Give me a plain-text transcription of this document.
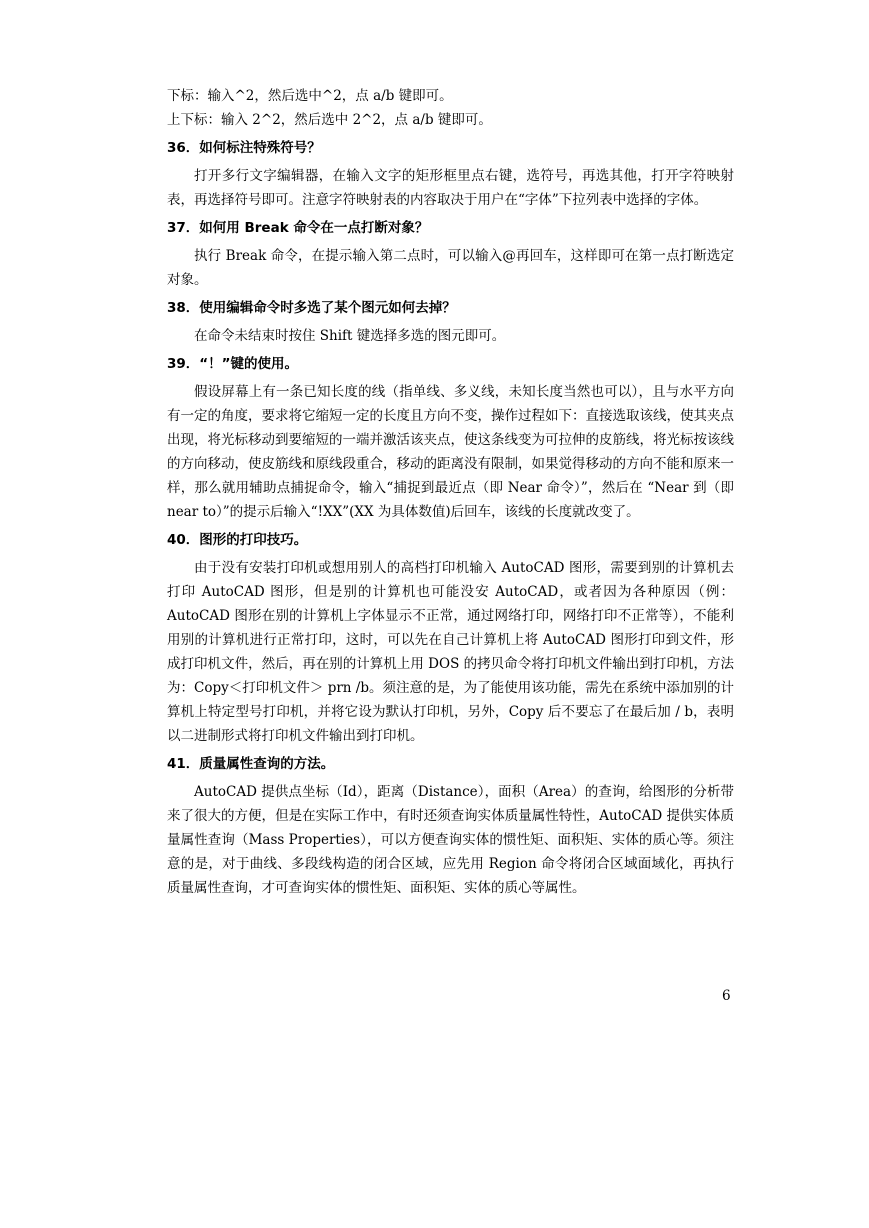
下标：输入^2，然后选中^2，点 a/b 键即可。

上下标：输入 2^2，然后选中 2^2，点 a/b 键即可。

36．如何标注特殊符号？

打开多行文字编辑器，在输入文字的矩形框里点右键，选符号，再选其他，打开字符映射表，再选择符号即可。注意字符映射表的内容取决于用户在“字体”下拉列表中选择的字体。

37．如何用 Break 命令在一点打断对象？

执行 Break 命令，在提示输入第二点时，可以输入@再回车，这样即可在第一点打断选定对象。

38．使用编辑命令时多选了某个图元如何去掉？

在命令未结束时按住 Shift 键选择多选的图元即可。

39．“！”键的使用。

假设屏幕上有一条已知长度的线（指单线、多义线，未知长度当然也可以），且与水平方向有一定的角度，要求将它缩短一定的长度且方向不变，操作过程如下：直接选取该线，使其夹点出现，将光标移动到要缩短的一端并激活该夹点，使这条线变为可拉伸的皮筋线，将光标按该线的方向移动，使皮筋线和原线段重合，移动的距离没有限制，如果觉得移动的方向不能和原来一样，那么就用辅助点捕捉命令，输入“捕捉到最近点（即 Near 命令）”，然后在 “Near 到（即 near to）”的提示后输入“!XX”(XX 为具体数值)后回车，该线的长度就改变了。

40．图形的打印技巧。

由于没有安装打印机或想用别人的高档打印机输入 AutoCAD 图形，需要到别的计算机去打印 AutoCAD 图形，但是别的计算机也可能没安 AutoCAD，或者因为各种原因（例：AutoCAD 图形在别的计算机上字体显示不正常，通过网络打印，网络打印不正常等），不能利用别的计算机进行正常打印，这时，可以先在自己计算机上将 AutoCAD 图形打印到文件，形成打印机文件，然后，再在别的计算机上用 DOS 的拷贝命令将打印机文件输出到打印机，方法为：Copy＜打印机文件＞ prn /b。须注意的是，为了能使用该功能，需先在系统中添加别的计算机上特定型号打印机，并将它设为默认打印机，另外，Copy 后不要忘了在最后加 / b，表明以二进制形式将打印机文件输出到打印机。

41．质量属性查询的方法。

AutoCAD 提供点坐标（Id），距离（Distance），面积（Area）的查询，给图形的分析带来了很大的方便，但是在实际工作中，有时还须查询实体质量属性特性，AutoCAD 提供实体质量属性查询（Mass Properties），可以方便查询实体的惯性矩、面积矩、实体的质心等。须注意的是，对于曲线、多段线构造的闭合区域，应先用 Region 命令将闭合区域面域化，再执行质量属性查询，才可查询实体的惯性矩、面积矩、实体的质心等属性。

6
